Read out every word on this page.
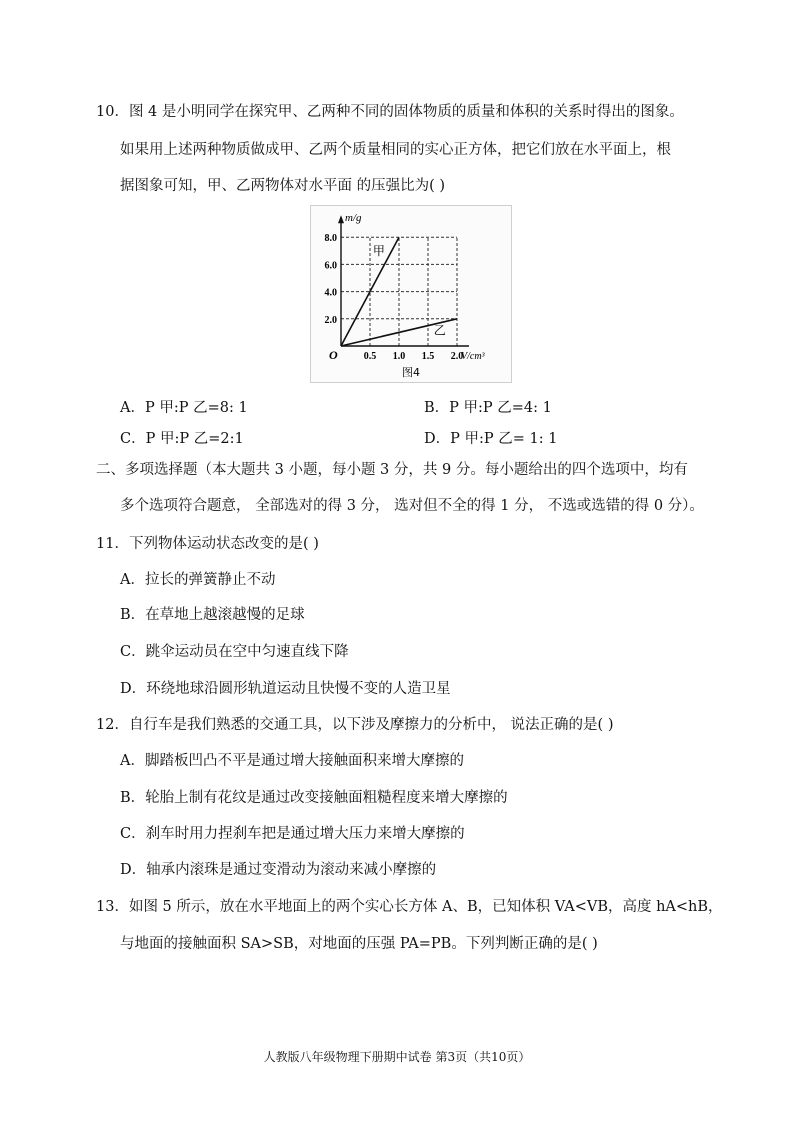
10．图 4 是小明同学在探究甲、乙两种不同的固体物质的质量和体积的关系时得出的图象。
如果用上述两种物质做成甲、乙两个质量相同的实心正方体，把它们放在水平面上，根
据图象可知，甲、乙两物体对水平面 的压强比为( )
8.0
6.0
4.0
2.0
0.5 1.0 1.5 2.0
O	V/cm³
m/g
甲
乙
图4
A．P 甲:P 乙=8: 1	B．P 甲:P 乙=4: 1
C．P 甲:P 乙=2:1	D．P 甲:P 乙= 1: 1
二、多项选择题（本大题共 3 小题，每小题 3 分，共 9 分。每小题给出的四个选项中，均有
多个选项符合题意， 全部选对的得 3 分， 选对但不全的得 1 分， 不选或选错的得 0 分）。
11．下列物体运动状态改变的是( )
A．拉长的弹簧静止不动
B．在草地上越滚越慢的足球
C．跳伞运动员在空中匀速直线下降
D．环绕地球沿圆形轨道运动且快慢不变的人造卫星
12．自行车是我们熟悉的交通工具，以下涉及摩擦力的分析中， 说法正确的是( )
A．脚踏板凹凸不平是通过增大接触面积来增大摩擦的
B．轮胎上制有花纹是通过改变接触面粗糙程度来增大摩擦的
C．刹车时用力捏刹车把是通过增大压力来增大摩擦的
D．轴承内滚珠是通过变滑动为滚动来减小摩擦的
13．如图 5 所示，放在水平地面上的两个实心长方体 A、B，已知体积 VA<VB，高度 hA<hB，
与地面的接触面积 SA>SB，对地面的压强 PA=PB。下列判断正确的是( )
人教版八年级物理下册期中试卷 第3页（共10页）
